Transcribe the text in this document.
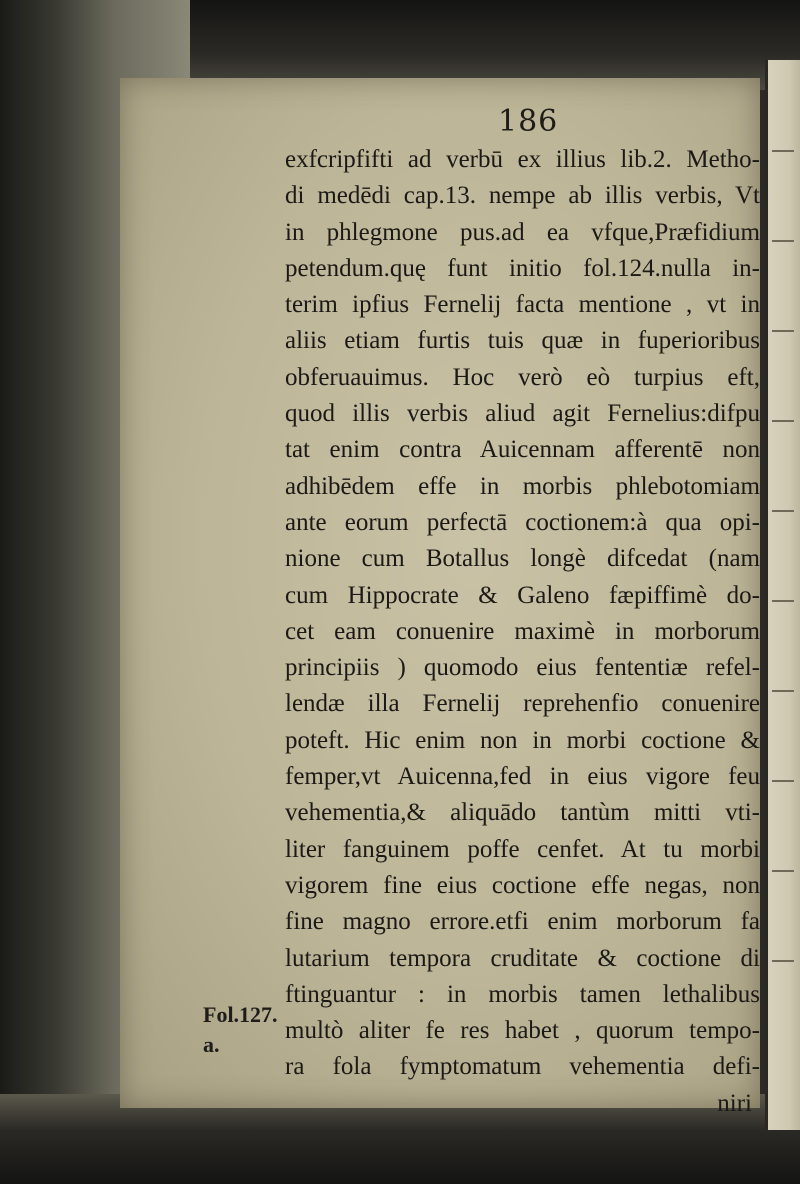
186
Fol.127.
a.
exfcripfifti ad verbū ex illius lib.2. Metho-
di medēdi cap.13. nempe ab illis verbis, Vt
in phlegmone pus.ad ea vfque,Præfidium
petendum.quę funt initio fol.124.nulla in-
terim ipfius Fernelij facta mentione , vt in
aliis etiam furtis tuis quæ in fuperioribus
obferuauimus. Hoc verò eò turpius eft,
quod illis verbis aliud agit Fernelius:difpu
tat enim contra Auicennam afferentē non
adhibēdem effe in morbis phlebotomiam
ante eorum perfectā coctionem:à qua opi-
nione cum Botallus longè difcedat (nam
cum Hippocrate & Galeno fæpiffimè do-
cet eam conuenire maximè in morborum
principiis ) quomodo eius fententiæ refel-
lendæ illa Fernelij reprehenfio conuenire
poteft. Hic enim non in morbi coctione &
femper,vt Auicenna,fed in eius vigore feu
vehementia,& aliquādo tantùm mitti vti-
liter fanguinem poffe cenfet. At tu morbi
vigorem fine eius coctione effe negas, non
fine magno errore.etfi enim morborum fa
lutarium tempora cruditate & coctione di
ftinguantur : in morbis tamen lethalibus
multò aliter fe res habet , quorum tempo-
ra fola fymptomatum vehementia defi-
niri
